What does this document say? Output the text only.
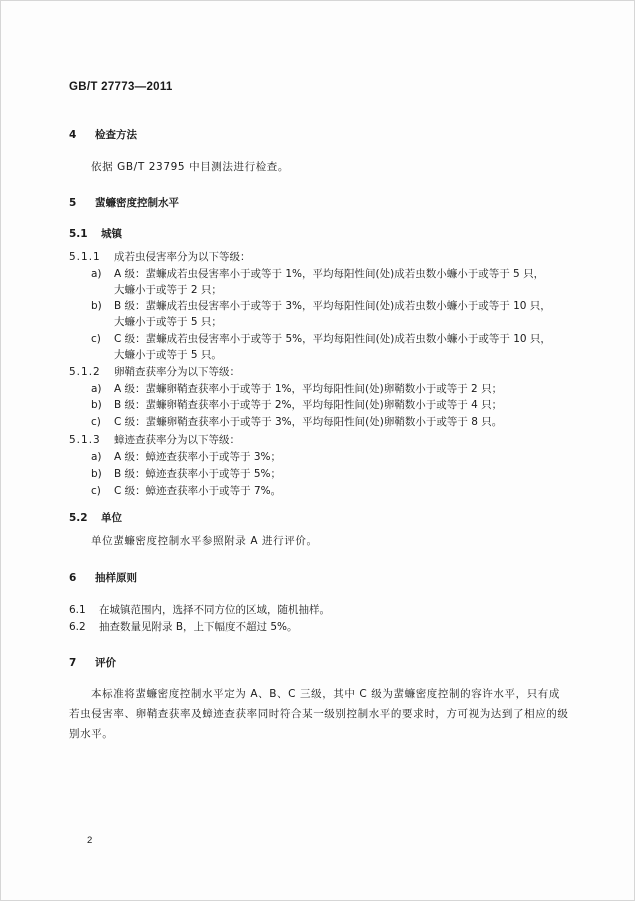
GB/T 27773—2011
4 检查方法
依据 GB/T 23795 中目测法进行检查。
5 蜚蠊密度控制水平
5.1 城镇
5.1.1 成若虫侵害率分为以下等级：
a) A 级：蜚蠊成若虫侵害率小于或等于 1%，平均每阳性间(处)成若虫数小蠊小于或等于 5 只，
大蠊小于或等于 2 只；
b) B 级：蜚蠊成若虫侵害率小于或等于 3%，平均每阳性间(处)成若虫数小蠊小于或等于 10 只，
大蠊小于或等于 5 只；
c) C 级：蜚蠊成若虫侵害率小于或等于 5%，平均每阳性间(处)成若虫数小蠊小于或等于 10 只，
大蠊小于或等于 5 只。
5.1.2 卵鞘查获率分为以下等级：
a) A 级：蜚蠊卵鞘查获率小于或等于 1%，平均每阳性间(处)卵鞘数小于或等于 2 只；
b) B 级：蜚蠊卵鞘查获率小于或等于 2%，平均每阳性间(处)卵鞘数小于或等于 4 只；
c) C 级：蜚蠊卵鞘查获率小于或等于 3%，平均每阳性间(处)卵鞘数小于或等于 8 只。
5.1.3 蟑迹查获率分为以下等级：
a) A 级：蟑迹查获率小于或等于 3%；
b) B 级：蟑迹查获率小于或等于 5%；
c) C 级：蟑迹查获率小于或等于 7%。
5.2 单位
单位蜚蠊密度控制水平参照附录 A 进行评价。
6 抽样原则
6.1 在城镇范围内，选择不同方位的区域，随机抽样。
6.2 抽查数量见附录 B，上下幅度不超过 5%。
7 评价
本标准将蜚蠊密度控制水平定为 A、B、C 三级，其中 C 级为蜚蠊密度控制的容许水平，只有成若虫侵害率、卵鞘查获率及蟑迹查获率同时符合某一级别控制水平的要求时，方可视为达到了相应的级别水平。
2
